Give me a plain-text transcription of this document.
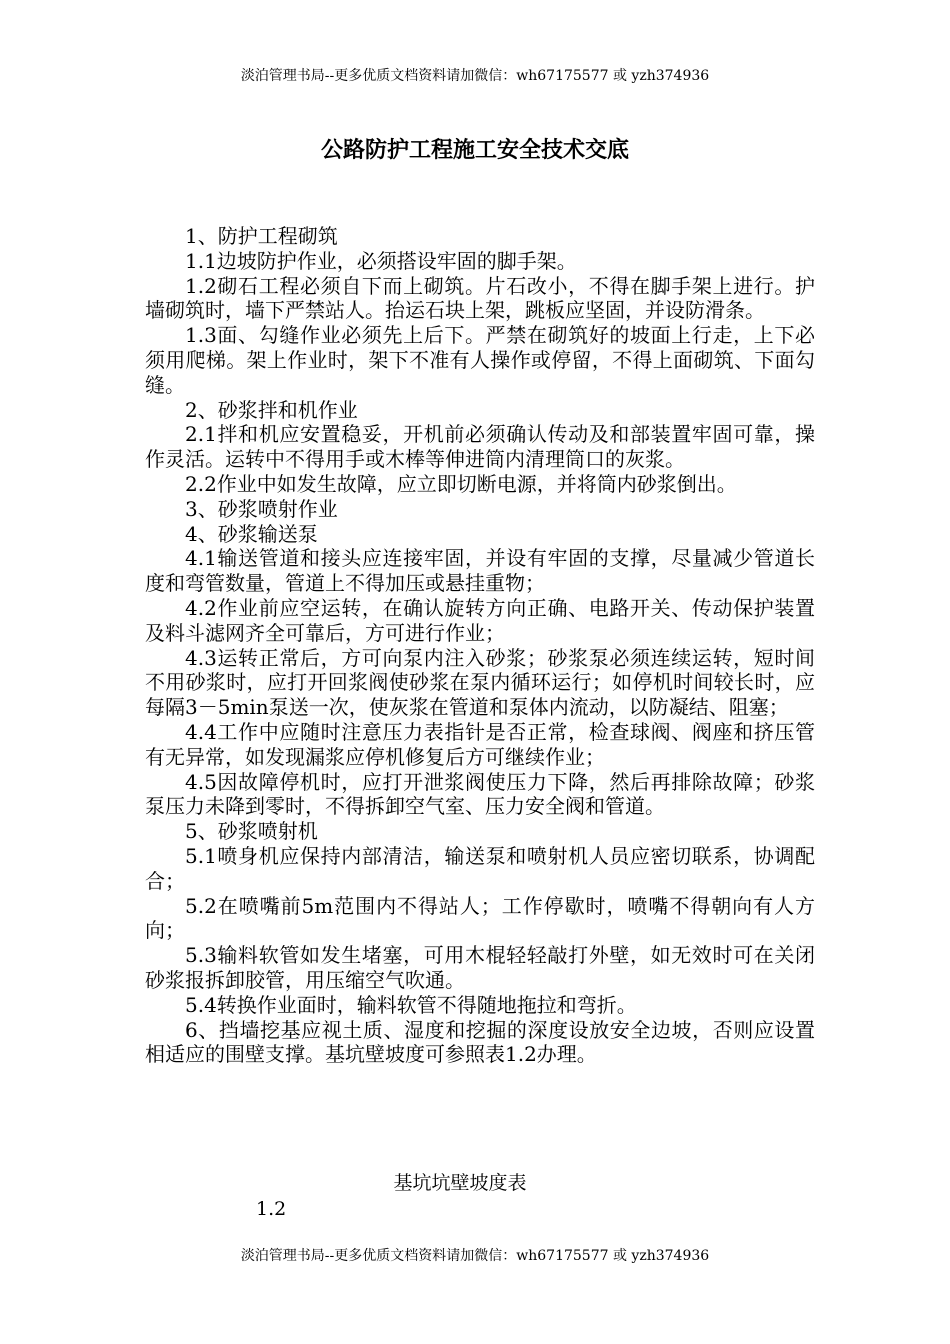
淡泊管理书局--更多优质文档资料请加微信：wh67175577 或 yzh374936
公路防护工程施工安全技术交底

1、防护工程砌筑

1.1边坡防护作业，必须搭设牢固的脚手架。

1.2砌石工程必须自下而上砌筑。片石改小，不得在脚手架上进行。护墙砌筑时，墙下严禁站人。抬运石块上架，跳板应坚固，并设防滑条。

1.3面、勾缝作业必须先上后下。严禁在砌筑好的坡面上行走，上下必须用爬梯。架上作业时，架下不准有人操作或停留，不得上面砌筑、下面勾缝。

2、砂浆拌和机作业

2.1拌和机应安置稳妥，开机前必须确认传动及和部装置牢固可靠，操作灵活。运转中不得用手或木棒等伸进筒内清理筒口的灰浆。

2.2作业中如发生故障，应立即切断电源，并将筒内砂浆倒出。

3、砂浆喷射作业

4、砂浆输送泵

4.1输送管道和接头应连接牢固，并设有牢固的支撑，尽量减少管道长度和弯管数量，管道上不得加压或悬挂重物；

4.2作业前应空运转，在确认旋转方向正确、电路开关、传动保护装置及料斗滤网齐全可靠后，方可进行作业；

4.3运转正常后，方可向泵内注入砂浆；砂浆泵必须连续运转，短时间不用砂浆时，应打开回浆阀使砂浆在泵内循环运行；如停机时间较长时，应每隔3－5min泵送一次，使灰浆在管道和泵体内流动，以防凝结、阻塞；

4.4工作中应随时注意压力表指针是否正常，检查球阀、阀座和挤压管有无异常，如发现漏浆应停机修复后方可继续作业；

4.5因故障停机时，应打开泄浆阀使压力下降，然后再排除故障；砂浆泵压力未降到零时，不得拆卸空气室、压力安全阀和管道。

5、砂浆喷射机

5.1喷身机应保持内部清洁，输送泵和喷射机人员应密切联系，协调配合；

5.2在喷嘴前5m范围内不得站人；工作停歇时，喷嘴不得朝向有人方向；

5.3输料软管如发生堵塞，可用木棍轻轻敲打外壁，如无效时可在关闭砂浆报拆卸胶管，用压缩空气吹通。

5.4转换作业面时，输料软管不得随地拖拉和弯折。

6、挡墙挖基应视土质、湿度和挖掘的深度设放安全边坡，否则应设置相适应的围壁支撑。基坑壁坡度可参照表1.2办理。

基坑坑壁坡度表
1.2
淡泊管理书局--更多优质文档资料请加微信：wh67175577 或 yzh374936
